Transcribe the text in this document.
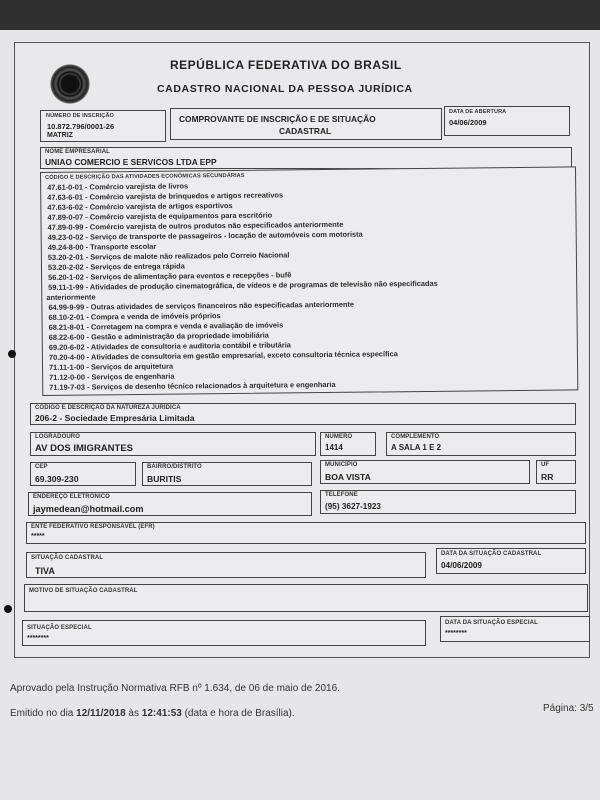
REPÚBLICA FEDERATIVA DO BRASIL
CADASTRO NACIONAL DA PESSOA JURÍDICA
NÚMERO DE INSCRIÇÃO
10.872.796/0001-26
MATRIZ
COMPROVANTE DE INSCRIÇÃO E DE SITUAÇÃO
CADASTRAL
DATA DE ABERTURA
04/06/2009
NOME EMPRESARIAL
UNIAO COMERCIO E SERVICOS LTDA EPP
CÓDIGO E DESCRIÇÃO DAS ATIVIDADES ECONÔMICAS SECUNDÁRIAS
47.61-0-01 - Comércio varejista de livros
47.63-6-01 - Comércio varejista de brinquedos e artigos recreativos
47.63-6-02 - Comércio varejista de artigos esportivos
47.89-0-07 - Comércio varejista de equipamentos para escritório
47.89-0-99 - Comércio varejista de outros produtos não especificados anteriormente
49.23-0-02 - Serviço de transporte de passageiros - locação de automóveis com motorista
49.24-8-00 - Transporte escolar
53.20-2-01 - Serviços de malote não realizados pelo Correio Nacional
53.20-2-02 - Serviços de entrega rápida
56.20-1-02 - Serviços de alimentação para eventos e recepções - bufê
59.11-1-99 - Atividades de produção cinematográfica, de vídeos e de programas de televisão não especificadas
anteriormente
64.99-9-99 - Outras atividades de serviços financeiros não especificadas anteriormente
68.10-2-01 - Compra e venda de imóveis próprios
68.21-8-01 - Corretagem na compra e venda e avaliação de imóveis
68.22-6-00 - Gestão e administração da propriedade imobiliária
69.20-6-02 - Atividades de consultoria e auditoria contábil e tributária
70.20-4-00 - Atividades de consultoria em gestão empresarial, exceto consultoria técnica específica
71.11-1-00 - Serviços de arquitetura
71.12-0-00 - Serviços de engenharia
71.19-7-03 - Serviços de desenho técnico relacionados à arquitetura e engenharia
CÓDIGO E DESCRIÇÃO DA NATUREZA JURÍDICA
206-2 - Sociedade Empresária Limitada
LOGRADOURO
AV DOS IMIGRANTES
NÚMERO
1414
COMPLEMENTO
A SALA 1 E 2
CEP
69.309-230
BAIRRO/DISTRITO
BURITIS
MUNICÍPIO
BOA VISTA
UF
RR
ENDEREÇO ELETRÔNICO
jaymedean@hotmail.com
TELEFONE
(95) 3627-1923
ENTE FEDERATIVO RESPONSÁVEL (EFR)
*****
SITUAÇÃO CADASTRAL
TIVA
DATA DA SITUAÇÃO CADASTRAL
04/06/2009
MOTIVO DE SITUAÇÃO CADASTRAL
SITUAÇÃO ESPECIAL
********
DATA DA SITUAÇÃO ESPECIAL
********
Aprovado pela Instrução Normativa RFB nº 1.634, de 06 de maio de 2016.
Emitido no dia 12/11/2018 às 12:41:53 (data e hora de Brasília).	Página: 3/5
